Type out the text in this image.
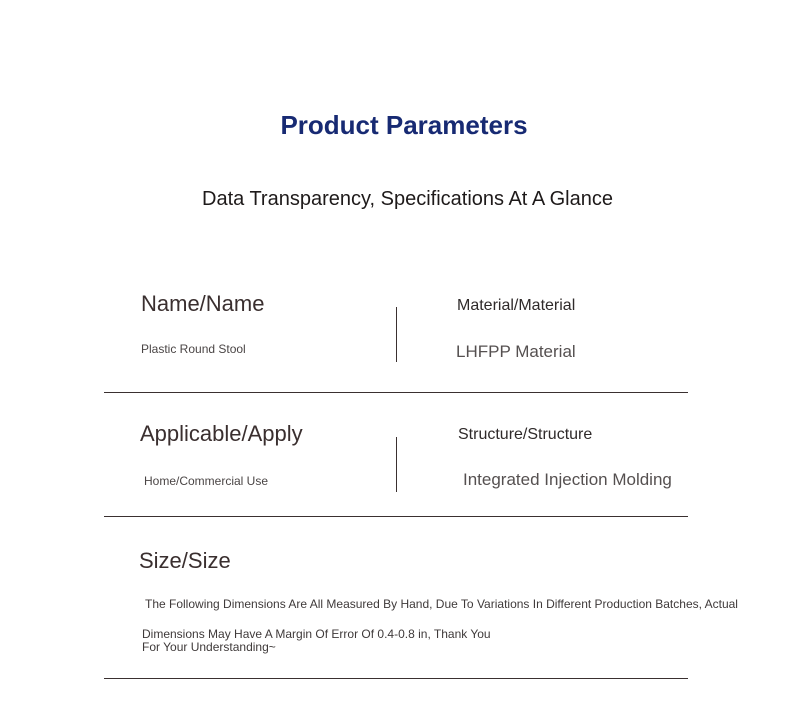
Product Parameters
Data Transparency, Specifications At A Glance
Name/Name
Plastic Round Stool
Material/Material
LHFPP Material
Applicable/Apply
Home/Commercial Use
Structure/Structure
Integrated Injection Molding
Size/Size
The Following Dimensions Are All Measured By Hand, Due To Variations In Different Production Batches, Actual
Dimensions May Have A Margin Of Error Of 0.4-0.8 in, Thank You
For Your Understanding~
